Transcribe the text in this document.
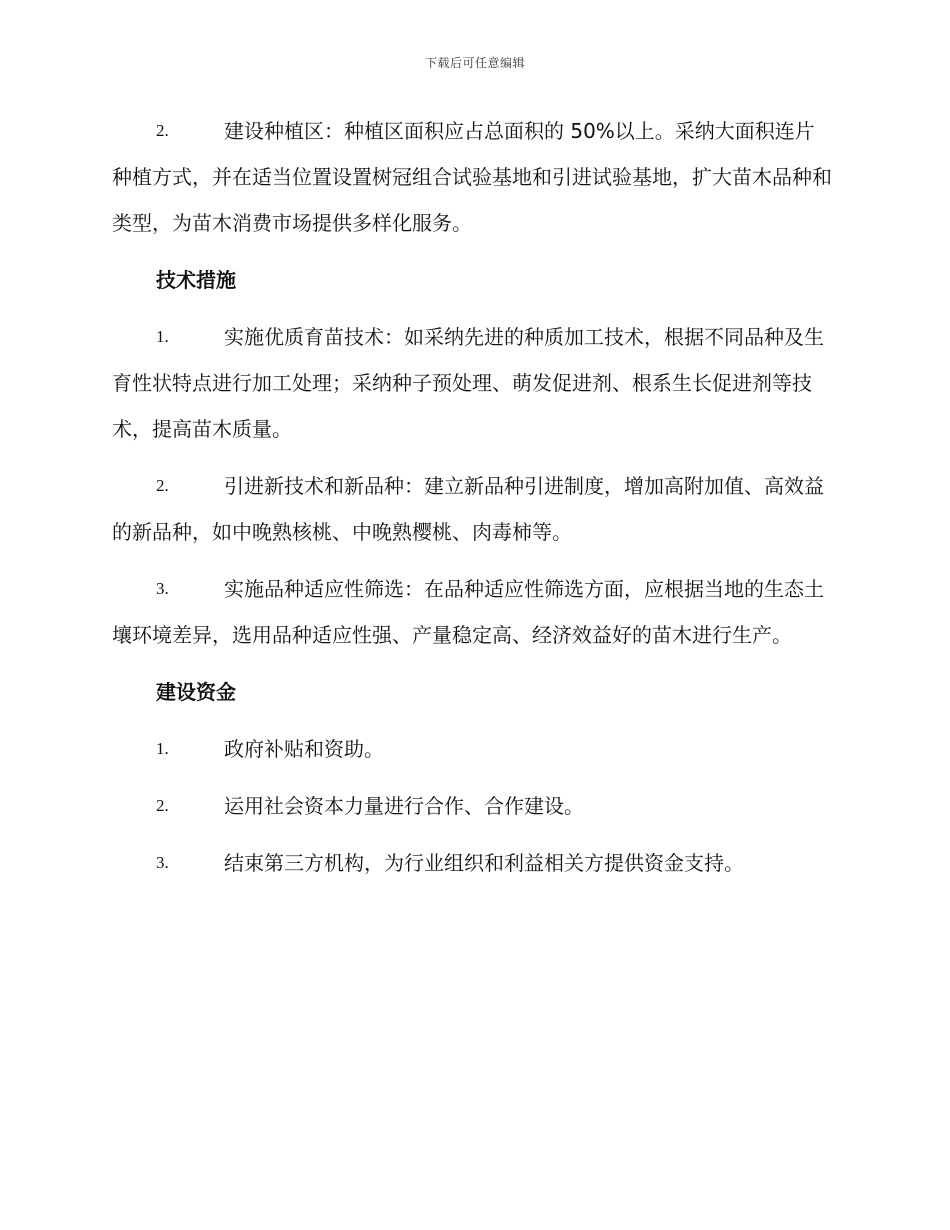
下载后可任意编辑

2.	建设种植区：种植区面积应占总面积的 50%以上。采纳大面积连片种植方式，并在适当位置设置树冠组合试验基地和引进试验基地，扩大苗木品种和类型，为苗木消费市场提供多样化服务。

技术措施

1.	实施优质育苗技术：如采纳先进的种质加工技术，根据不同品种及生育性状特点进行加工处理；采纳种子预处理、萌发促进剂、根系生长促进剂等技术，提高苗木质量。

2.	引进新技术和新品种：建立新品种引进制度，增加高附加值、高效益的新品种，如中晚熟核桃、中晚熟樱桃、肉毒柿等。

3.	实施品种适应性筛选：在品种适应性筛选方面，应根据当地的生态土壤环境差异，选用品种适应性强、产量稳定高、经济效益好的苗木进行生产。

建设资金

1.	政府补贴和资助。

2.	运用社会资本力量进行合作、合作建设。

3.	结束第三方机构，为行业组织和利益相关方提供资金支持。
